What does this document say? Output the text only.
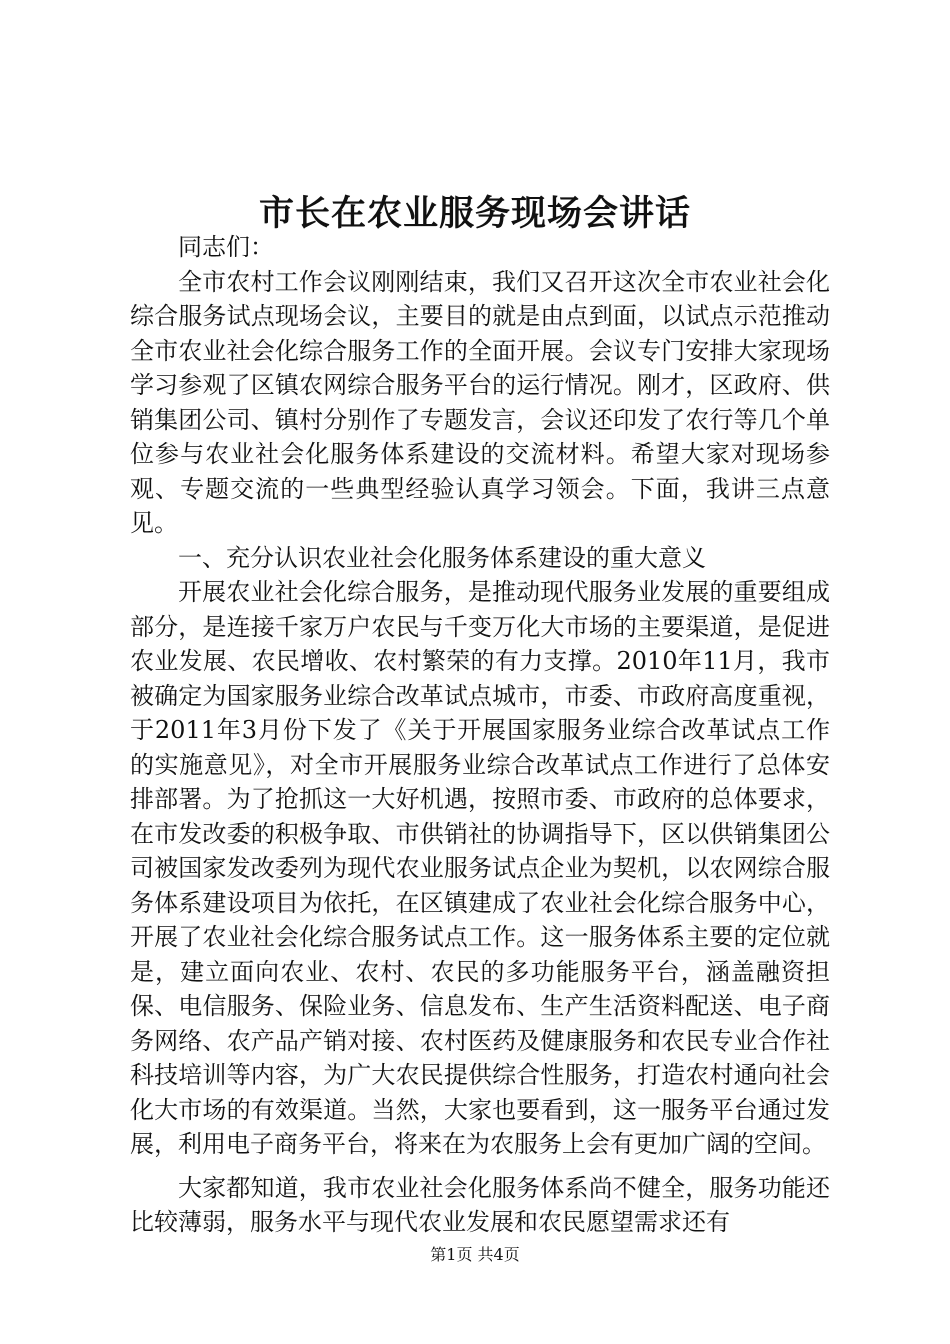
市长在农业服务现场会讲话

同志们：

全市农村工作会议刚刚结束，我们又召开这次全市农业社会化综合服务试点现场会议，主要目的就是由点到面，以试点示范推动全市农业社会化综合服务工作的全面开展。会议专门安排大家现场学习参观了区镇农网综合服务平台的运行情况。刚才，区政府、供销集团公司、镇村分别作了专题发言，会议还印发了农行等几个单位参与农业社会化服务体系建设的交流材料。希望大家对现场参观、专题交流的一些典型经验认真学习领会。下面，我讲三点意见。

一、充分认识农业社会化服务体系建设的重大意义

开展农业社会化综合服务，是推动现代服务业发展的重要组成部分，是连接千家万户农民与千变万化大市场的主要渠道，是促进农业发展、农民增收、农村繁荣的有力支撑。2010年11月，我市被确定为国家服务业综合改革试点城市，市委、市政府高度重视，于2011年3月份下发了《关于开展国家服务业综合改革试点工作的实施意见》，对全市开展服务业综合改革试点工作进行了总体安排部署。为了抢抓这一大好机遇，按照市委、市政府的总体要求，在市发改委的积极争取、市供销社的协调指导下，区以供销集团公司被国家发改委列为现代农业服务试点企业为契机，以农网综合服务体系建设项目为依托，在区镇建成了农业社会化综合服务中心，开展了农业社会化综合服务试点工作。这一服务体系主要的定位就是，建立面向农业、农村、农民的多功能服务平台，涵盖融资担保、电信服务、保险业务、信息发布、生产生活资料配送、电子商务网络、农产品产销对接、农村医药及健康服务和农民专业合作社科技培训等内容，为广大农民提供综合性服务，打造农村通向社会化大市场的有效渠道。当然，大家也要看到，这一服务平台通过发展，利用电子商务平台，将来在为农服务上会有更加广阔的空间。

大家都知道，我市农业社会化服务体系尚不健全，服务功能还比较薄弱，服务水平与现代农业发展和农民愿望需求还有

第1页 共4页
